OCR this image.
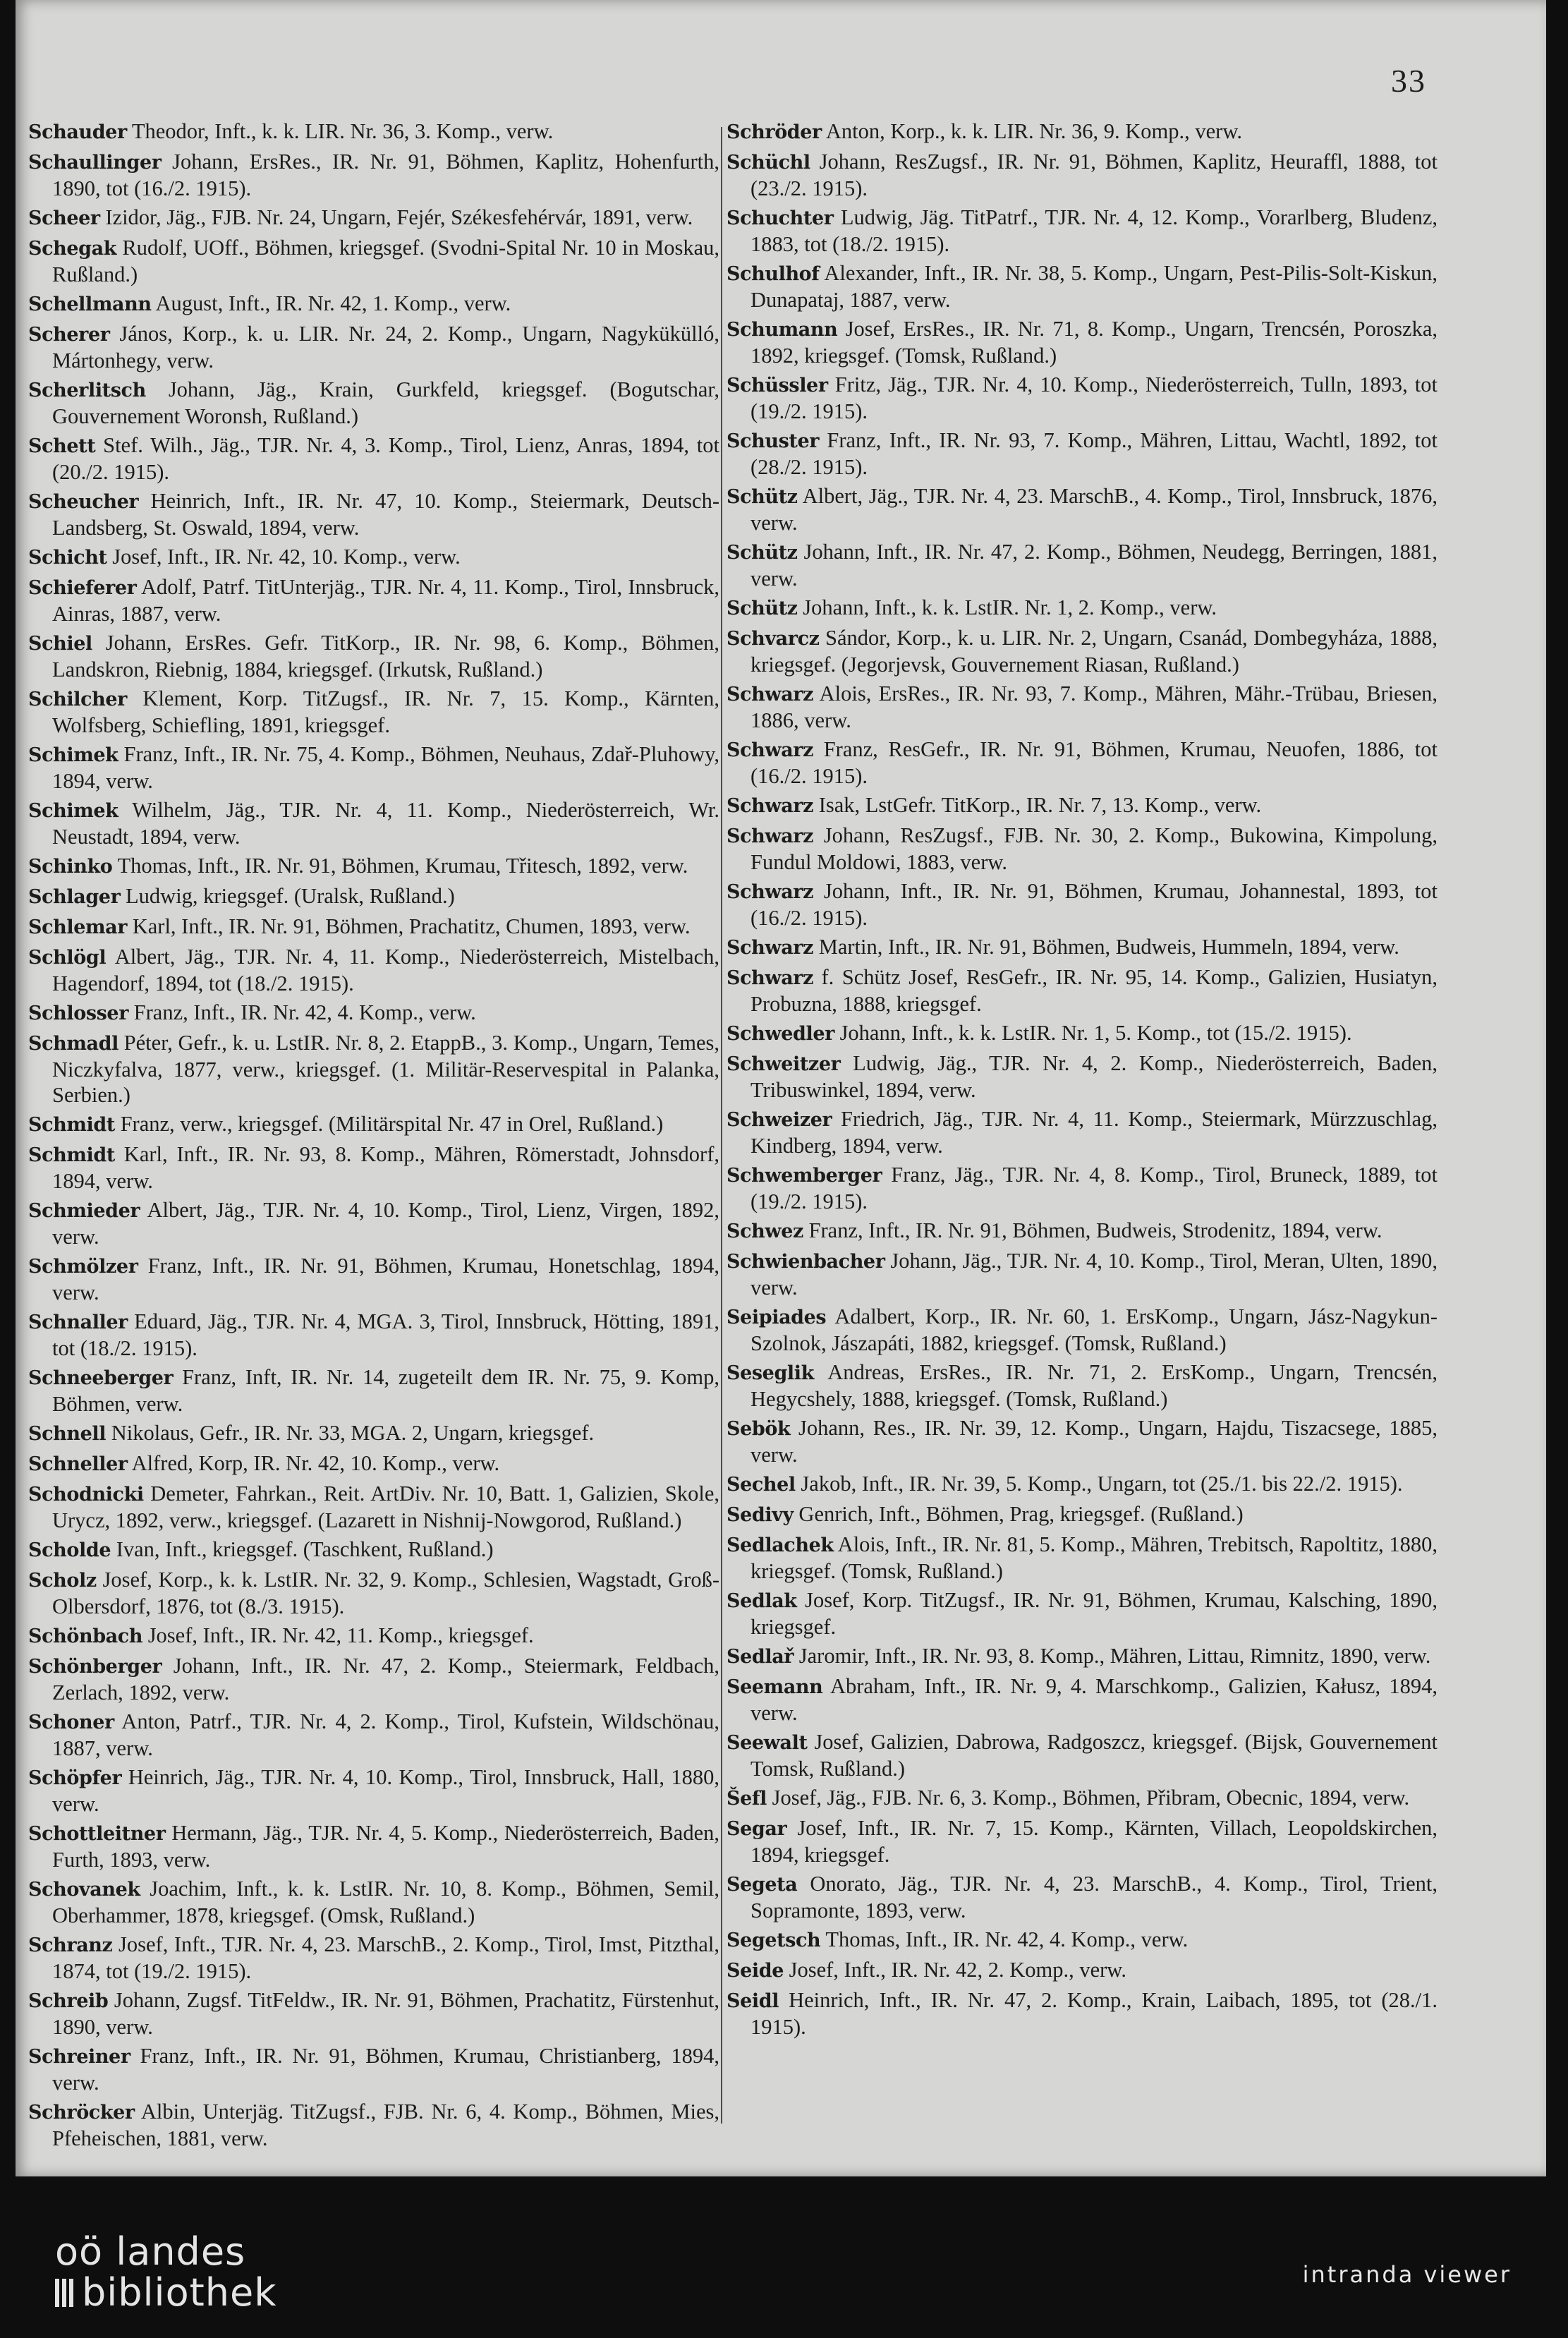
33
Schauder Theodor, Inft., k. k. LIR. Nr. 36, 3. Komp., verw.
Schaullinger Johann, ErsRes., IR. Nr. 91, Böhmen, Kaplitz, Hohenfurth, 1890, tot (16./2. 1915).
Scheer Izidor, Jäg., FJB. Nr. 24, Ungarn, Fejér, Székesfehérvár, 1891, verw.
Schegak Rudolf, UOff., Böhmen, kriegsgef. (Svodni-Spital Nr. 10 in Moskau, Rußland.)
Schellmann August, Inft., IR. Nr. 42, 1. Komp., verw.
Scherer János, Korp., k. u. LIR. Nr. 24, 2. Komp., Ungarn, Nagykükülló, Mártonhegy, verw.
Scherlitsch Johann, Jäg., Krain, Gurkfeld, kriegsgef. (Bogutschar, Gouvernement Woronsh, Rußland.)
Schett Stef. Wilh., Jäg., TJR. Nr. 4, 3. Komp., Tirol, Lienz, Anras, 1894, tot (20./2. 1915).
Scheucher Heinrich, Inft., IR. Nr. 47, 10. Komp., Steiermark, Deutsch-Landsberg, St. Oswald, 1894, verw.
Schicht Josef, Inft., IR. Nr. 42, 10. Komp., verw.
Schieferer Adolf, Patrf. TitUnterjäg., TJR. Nr. 4, 11. Komp., Tirol, Innsbruck, Ainras, 1887, verw.
Schiel Johann, ErsRes. Gefr. TitKorp., IR. Nr. 98, 6. Komp., Böhmen, Landskron, Riebnig, 1884, kriegsgef. (Irkutsk, Rußland.)
Schilcher Klement, Korp. TitZugsf., IR. Nr. 7, 15. Komp., Kärnten, Wolfsberg, Schiefling, 1891, kriegsgef.
Schimek Franz, Inft., IR. Nr. 75, 4. Komp., Böhmen, Neuhaus, Zdař-Pluhowy, 1894, verw.
Schimek Wilhelm, Jäg., TJR. Nr. 4, 11. Komp., Niederösterreich, Wr. Neustadt, 1894, verw.
Schinko Thomas, Inft., IR. Nr. 91, Böhmen, Krumau, Třitesch, 1892, verw.
Schlager Ludwig, kriegsgef. (Uralsk, Rußland.)
Schlemar Karl, Inft., IR. Nr. 91, Böhmen, Prachatitz, Chumen, 1893, verw.
Schlögl Albert, Jäg., TJR. Nr. 4, 11. Komp., Niederösterreich, Mistelbach, Hagendorf, 1894, tot (18./2. 1915).
Schlosser Franz, Inft., IR. Nr. 42, 4. Komp., verw.
Schmadl Péter, Gefr., k. u. LstIR. Nr. 8, 2. EtappB., 3. Komp., Ungarn, Temes, Niczkyfalva, 1877, verw., kriegsgef. (1. Militär-Reservespital in Palanka, Serbien.)
Schmidt Franz, verw., kriegsgef. (Militärspital Nr. 47 in Orel, Rußland.)
Schmidt Karl, Inft., IR. Nr. 93, 8. Komp., Mähren, Römerstadt, Johnsdorf, 1894, verw.
Schmieder Albert, Jäg., TJR. Nr. 4, 10. Komp., Tirol, Lienz, Virgen, 1892, verw.
Schmölzer Franz, Inft., IR. Nr. 91, Böhmen, Krumau, Honetschlag, 1894, verw.
Schnaller Eduard, Jäg., TJR. Nr. 4, MGA. 3, Tirol, Innsbruck, Hötting, 1891, tot (18./2. 1915).
Schneeberger Franz, Inft, IR. Nr. 14, zugeteilt dem IR. Nr. 75, 9. Komp, Böhmen, verw.
Schnell Nikolaus, Gefr., IR. Nr. 33, MGA. 2, Ungarn, kriegsgef.
Schneller Alfred, Korp, IR. Nr. 42, 10. Komp., verw.
Schodnicki Demeter, Fahrkan., Reit. ArtDiv. Nr. 10, Batt. 1, Galizien, Skole, Urycz, 1892, verw., kriegsgef. (Lazarett in Nishnij-Nowgorod, Rußland.)
Scholde Ivan, Inft., kriegsgef. (Taschkent, Rußland.)
Scholz Josef, Korp., k. k. LstIR. Nr. 32, 9. Komp., Schlesien, Wagstadt, Groß-Olbersdorf, 1876, tot (8./3. 1915).
Schönbach Josef, Inft., IR. Nr. 42, 11. Komp., kriegsgef.
Schönberger Johann, Inft., IR. Nr. 47, 2. Komp., Steiermark, Feldbach, Zerlach, 1892, verw.
Schoner Anton, Patrf., TJR. Nr. 4, 2. Komp., Tirol, Kufstein, Wildschönau, 1887, verw.
Schöpfer Heinrich, Jäg., TJR. Nr. 4, 10. Komp., Tirol, Innsbruck, Hall, 1880, verw.
Schottleitner Hermann, Jäg., TJR. Nr. 4, 5. Komp., Niederösterreich, Baden, Furth, 1893, verw.
Schovanek Joachim, Inft., k. k. LstIR. Nr. 10, 8. Komp., Böhmen, Semil, Oberhammer, 1878, kriegsgef. (Omsk, Rußland.)
Schranz Josef, Inft., TJR. Nr. 4, 23. MarschB., 2. Komp., Tirol, Imst, Pitzthal, 1874, tot (19./2. 1915).
Schreib Johann, Zugsf. TitFeldw., IR. Nr. 91, Böhmen, Prachatitz, Fürstenhut, 1890, verw.
Schreiner Franz, Inft., IR. Nr. 91, Böhmen, Krumau, Christianberg, 1894, verw.
Schröcker Albin, Unterjäg. TitZugsf., FJB. Nr. 6, 4. Komp., Böhmen, Mies, Pfeheischen, 1881, verw.
Schröder Anton, Korp., k. k. LIR. Nr. 36, 9. Komp., verw.
Schüchl Johann, ResZugsf., IR. Nr. 91, Böhmen, Kaplitz, Heuraffl, 1888, tot (23./2. 1915).
Schuchter Ludwig, Jäg. TitPatrf., TJR. Nr. 4, 12. Komp., Vorarlberg, Bludenz, 1883, tot (18./2. 1915).
Schulhof Alexander, Inft., IR. Nr. 38, 5. Komp., Ungarn, Pest-Pilis-Solt-Kiskun, Dunapataj, 1887, verw.
Schumann Josef, ErsRes., IR. Nr. 71, 8. Komp., Ungarn, Trencsén, Poroszka, 1892, kriegsgef. (Tomsk, Rußland.)
Schüssler Fritz, Jäg., TJR. Nr. 4, 10. Komp., Niederösterreich, Tulln, 1893, tot (19./2. 1915).
Schuster Franz, Inft., IR. Nr. 93, 7. Komp., Mähren, Littau, Wachtl, 1892, tot (28./2. 1915).
Schütz Albert, Jäg., TJR. Nr. 4, 23. MarschB., 4. Komp., Tirol, Innsbruck, 1876, verw.
Schütz Johann, Inft., IR. Nr. 47, 2. Komp., Böhmen, Neudegg, Berringen, 1881, verw.
Schütz Johann, Inft., k. k. LstIR. Nr. 1, 2. Komp., verw.
Schvarcz Sándor, Korp., k. u. LIR. Nr. 2, Ungarn, Csanád, Dombegyháza, 1888, kriegsgef. (Jegorjevsk, Gouvernement Riasan, Rußland.)
Schwarz Alois, ErsRes., IR. Nr. 93, 7. Komp., Mähren, Mähr.-Trübau, Briesen, 1886, verw.
Schwarz Franz, ResGefr., IR. Nr. 91, Böhmen, Krumau, Neuofen, 1886, tot (16./2. 1915).
Schwarz Isak, LstGefr. TitKorp., IR. Nr. 7, 13. Komp., verw.
Schwarz Johann, ResZugsf., FJB. Nr. 30, 2. Komp., Bukowina, Kimpolung, Fundul Moldowi, 1883, verw.
Schwarz Johann, Inft., IR. Nr. 91, Böhmen, Krumau, Johannestal, 1893, tot (16./2. 1915).
Schwarz Martin, Inft., IR. Nr. 91, Böhmen, Budweis, Hummeln, 1894, verw.
Schwarz f. Schütz Josef, ResGefr., IR. Nr. 95, 14. Komp., Galizien, Husiatyn, Probuzna, 1888, kriegsgef.
Schwedler Johann, Inft., k. k. LstIR. Nr. 1, 5. Komp., tot (15./2. 1915).
Schweitzer Ludwig, Jäg., TJR. Nr. 4, 2. Komp., Niederösterreich, Baden, Tribuswinkel, 1894, verw.
Schweizer Friedrich, Jäg., TJR. Nr. 4, 11. Komp., Steiermark, Mürzzuschlag, Kindberg, 1894, verw.
Schwemberger Franz, Jäg., TJR. Nr. 4, 8. Komp., Tirol, Bruneck, 1889, tot (19./2. 1915).
Schwez Franz, Inft., IR. Nr. 91, Böhmen, Budweis, Strodenitz, 1894, verw.
Schwienbacher Johann, Jäg., TJR. Nr. 4, 10. Komp., Tirol, Meran, Ulten, 1890, verw.
Seipiades Adalbert, Korp., IR. Nr. 60, 1. ErsKomp., Ungarn, Jász-Nagykun-Szolnok, Jászapáti, 1882, kriegsgef. (Tomsk, Rußland.)
Seseglik Andreas, ErsRes., IR. Nr. 71, 2. ErsKomp., Ungarn, Trencsén, Hegycshely, 1888, kriegsgef. (Tomsk, Rußland.)
Sebök Johann, Res., IR. Nr. 39, 12. Komp., Ungarn, Hajdu, Tiszacsege, 1885, verw.
Sechel Jakob, Inft., IR. Nr. 39, 5. Komp., Ungarn, tot (25./1. bis 22./2. 1915).
Sedivy Genrich, Inft., Böhmen, Prag, kriegsgef. (Rußland.)
Sedlachek Alois, Inft., IR. Nr. 81, 5. Komp., Mähren, Trebitsch, Rapoltitz, 1880, kriegsgef. (Tomsk, Rußland.)
Sedlak Josef, Korp. TitZugsf., IR. Nr. 91, Böhmen, Krumau, Kalsching, 1890, kriegsgef.
Sedlař Jaromir, Inft., IR. Nr. 93, 8. Komp., Mähren, Littau, Rimnitz, 1890, verw.
Seemann Abraham, Inft., IR. Nr. 9, 4. Marschkomp., Galizien, Kałusz, 1894, verw.
Seewalt Josef, Galizien, Dabrowa, Radgoszcz, kriegsgef. (Bijsk, Gouvernement Tomsk, Rußland.)
Šefl Josef, Jäg., FJB. Nr. 6, 3. Komp., Böhmen, Přibram, Obecnic, 1894, verw.
Segar Josef, Inft., IR. Nr. 7, 15. Komp., Kärnten, Villach, Leopoldskirchen, 1894, kriegsgef.
Segeta Onorato, Jäg., TJR. Nr. 4, 23. MarschB., 4. Komp., Tirol, Trient, Sopramonte, 1893, verw.
Segetsch Thomas, Inft., IR. Nr. 42, 4. Komp., verw.
Seide Josef, Inft., IR. Nr. 42, 2. Komp., verw.
Seidl Heinrich, Inft., IR. Nr. 47, 2. Komp., Krain, Laibach, 1895, tot (28./1. 1915).
oö landes
bibliothek	intranda viewer
